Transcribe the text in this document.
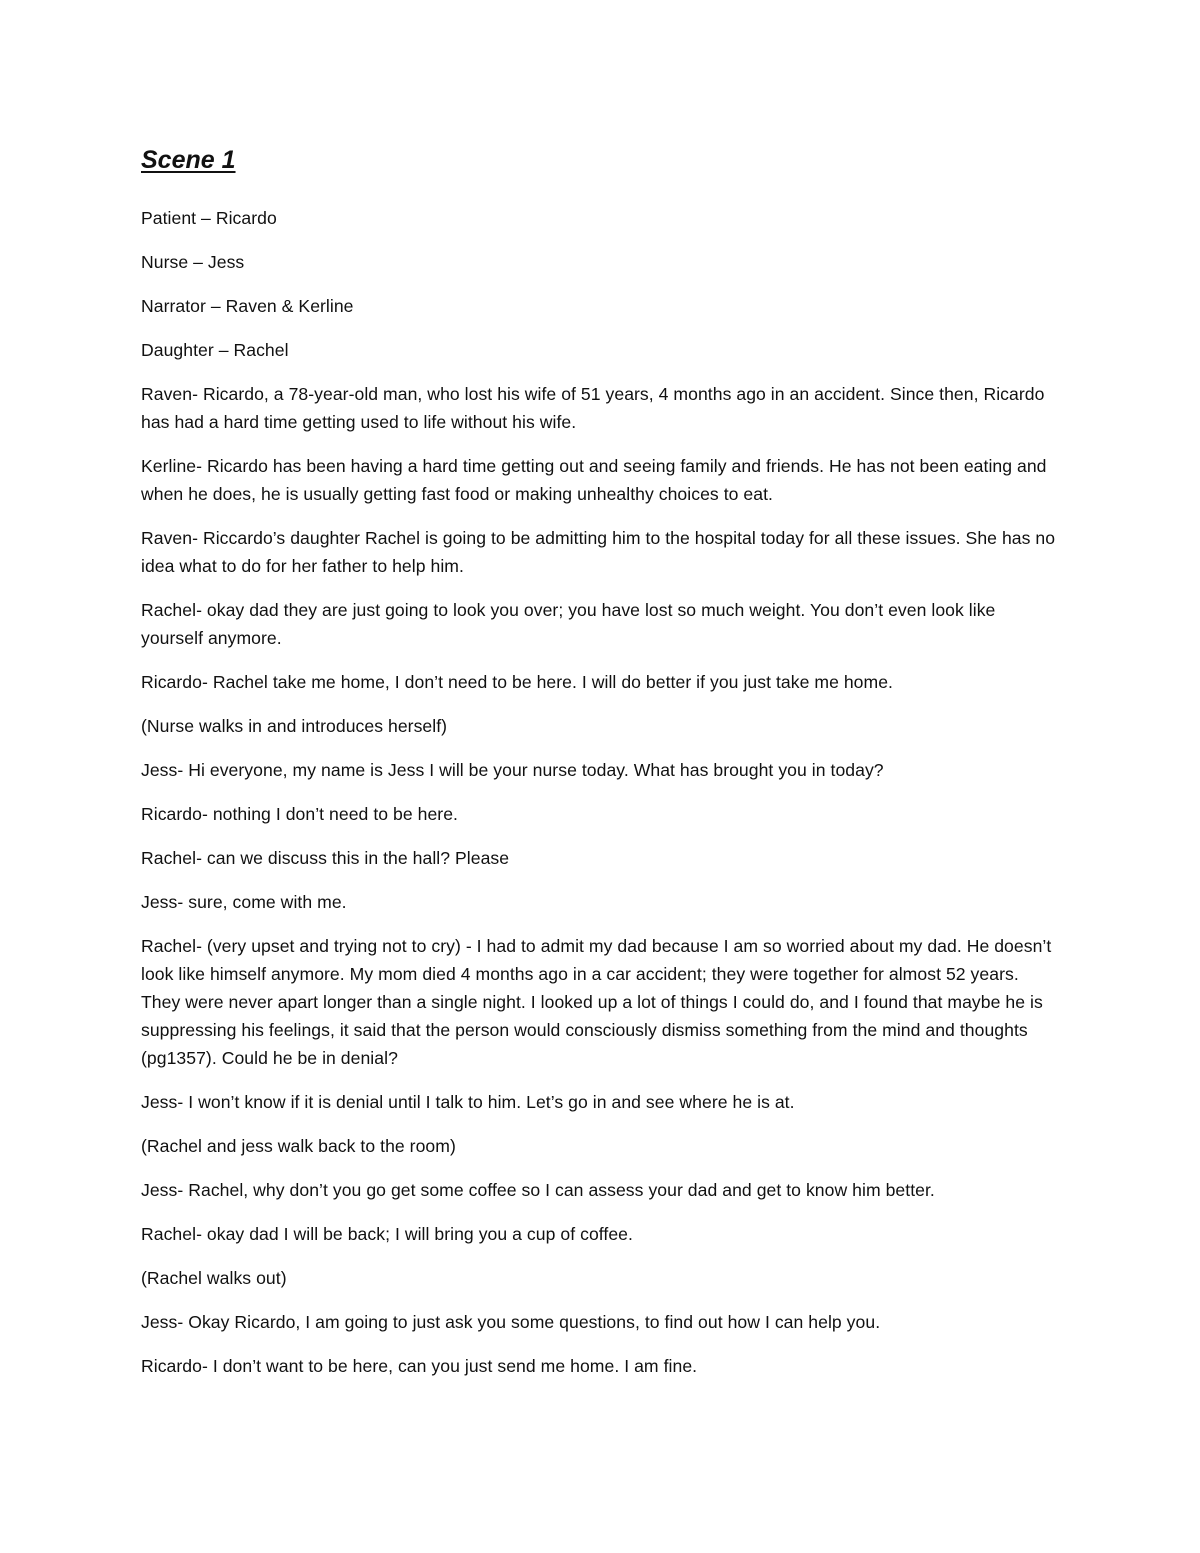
Scene 1

Patient – Ricardo

Nurse – Jess

Narrator – Raven & Kerline

Daughter – Rachel

Raven- Ricardo, a 78-year-old man, who lost his wife of 51 years, 4 months ago in an accident. Since then, Ricardo has had a hard time getting used to life without his wife.

Kerline- Ricardo has been having a hard time getting out and seeing family and friends. He has not been eating and when he does, he is usually getting fast food or making unhealthy choices to eat.

Raven- Riccardo’s daughter Rachel is going to be admitting him to the hospital today for all these issues. She has no idea what to do for her father to help him.

Rachel- okay dad they are just going to look you over; you have lost so much weight. You don’t even look like yourself anymore.

Ricardo- Rachel take me home, I don’t need to be here. I will do better if you just take me home.

(Nurse walks in and introduces herself)

Jess- Hi everyone, my name is Jess I will be your nurse today. What has brought you in today?

Ricardo- nothing I don’t need to be here.

Rachel- can we discuss this in the hall? Please

Jess- sure, come with me.

Rachel- (very upset and trying not to cry) - I had to admit my dad because I am so worried about my dad. He doesn’t look like himself anymore. My mom died 4 months ago in a car accident; they were together for almost 52 years. They were never apart longer than a single night. I looked up a lot of things I could do, and I found that maybe he is suppressing his feelings, it said that the person would consciously dismiss something from the mind and thoughts (pg1357). Could he be in denial?

Jess- I won’t know if it is denial until I talk to him. Let’s go in and see where he is at.

(Rachel and jess walk back to the room)

Jess- Rachel, why don’t you go get some coffee so I can assess your dad and get to know him better.

Rachel- okay dad I will be back; I will bring you a cup of coffee.

(Rachel walks out)

Jess- Okay Ricardo, I am going to just ask you some questions, to find out how I can help you.

Ricardo- I don’t want to be here, can you just send me home. I am fine.
